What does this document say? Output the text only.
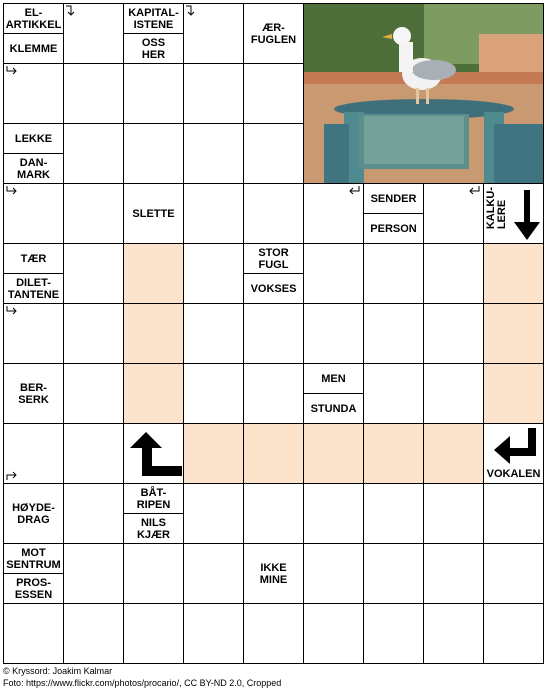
EL-
ARTIKKEL
KLEMME
KAPITAL-
ISTENE
OSS
HER
ÆR-
FUGLEN
LEKKE
DAN-
MARK
SLETTE
SENDER
PERSON	KALKU-
LERE
TÆR
DILET-
TANTENE
STOR
FUGL
VOKSES
BER-
SERK
MEN
STUNDA
VOKALEN
HØYDE-
DRAG
BÅT-
RIPEN
NILS
KJÆR
MOT
SENTRUM
PROS-
ESSEN
IKKE
MINE
© Kryssord: Joakim Kalmar
Foto: https://www.flickr.com/photos/procario/, CC BY-ND 2.0, Cropped
